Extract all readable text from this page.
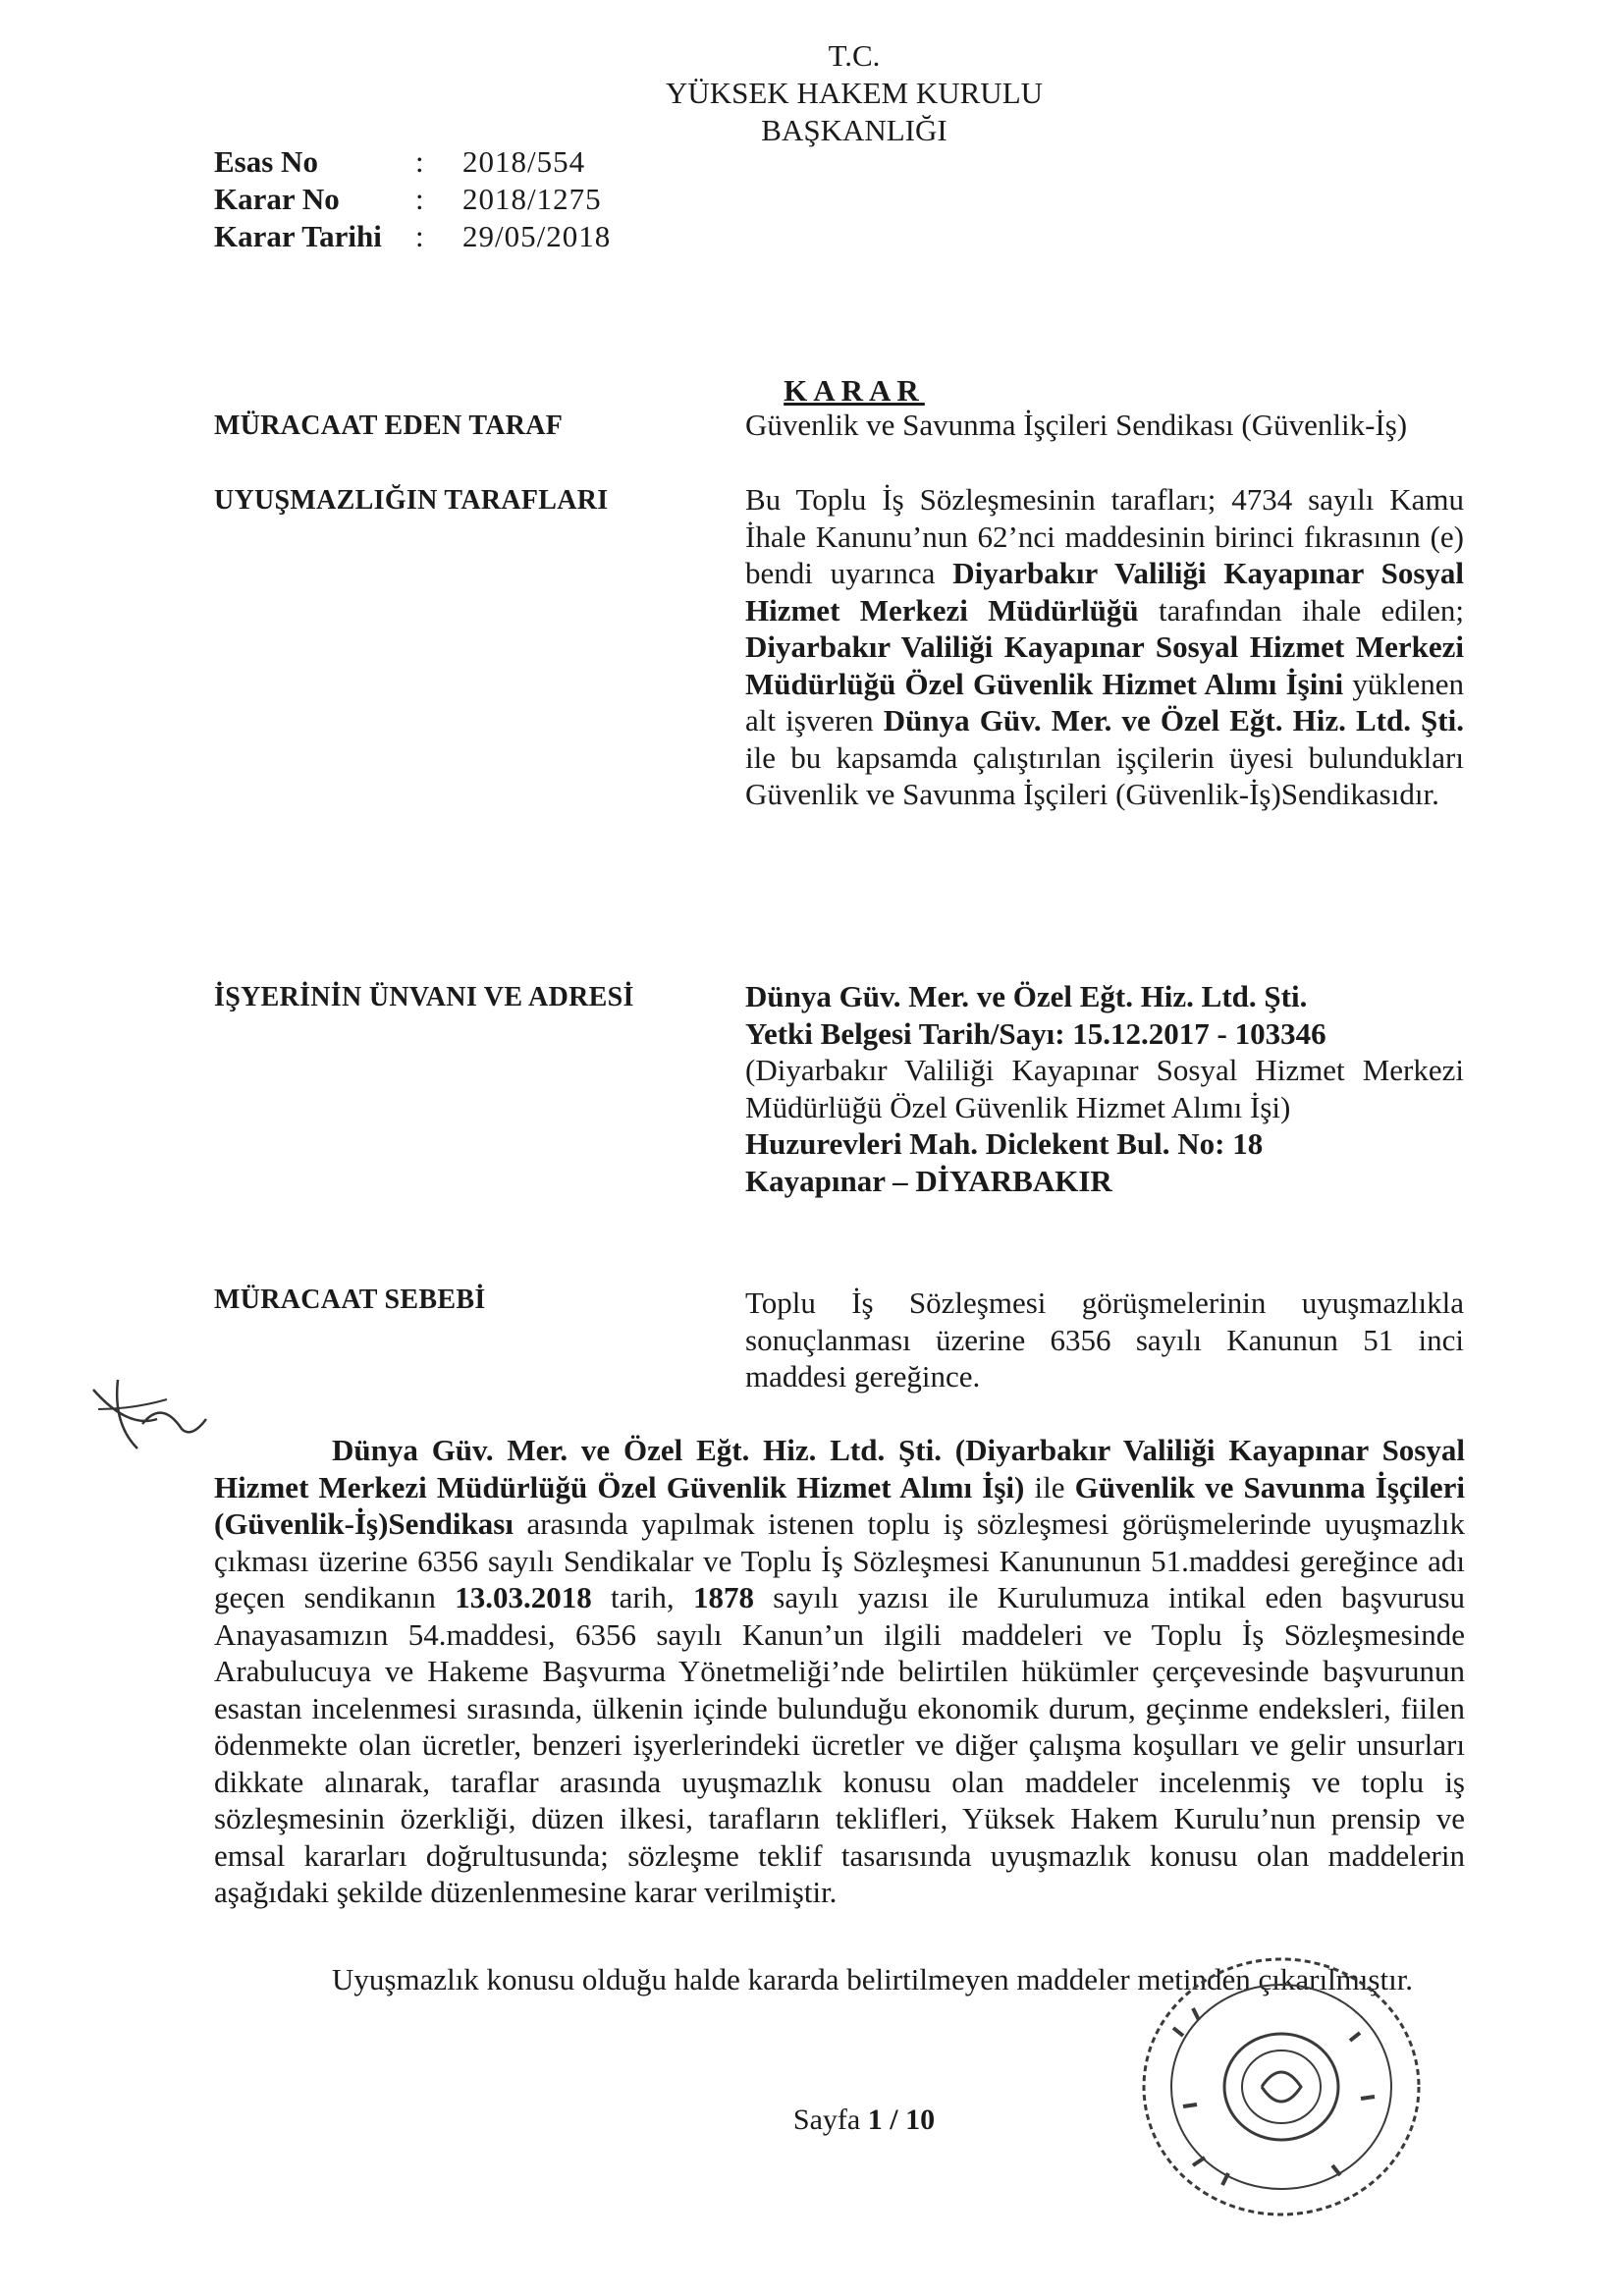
T.C.
YÜKSEK HAKEM KURULU
BAŞKANLIĞI
Esas No	:	2018/554
Karar No	:	2018/1275
Karar Tarihi	:	29/05/2018
KARAR
MÜRACAAT EDEN TARAF	Güvenlik ve Savunma İşçileri Sendikası (Güvenlik-İş)
UYUŞMAZLIĞIN TARAFLARI	Bu Toplu İş Sözleşmesinin tarafları; 4734 sayılı Kamu İhale Kanunu’nun 62’nci maddesinin birinci fıkrasının (e) bendi uyarınca Diyarbakır Valiliği Kayapınar Sosyal Hizmet Merkezi Müdürlüğü tarafından ihale edilen; Diyarbakır Valiliği Kayapınar Sosyal Hizmet Merkezi Müdürlüğü Özel Güvenlik Hizmet Alımı İşini yüklenen alt işveren Dünya Güv. Mer. ve Özel Eğt. Hiz. Ltd. Şti. ile bu kapsamda çalıştırılan işçilerin üyesi bulundukları Güvenlik ve Savunma İşçileri (Güvenlik-İş)Sendikasıdır.
İŞYERİNİN ÜNVANI VE ADRESİ	Dünya Güv. Mer. ve Özel Eğt. Hiz. Ltd. Şti.
Yetki Belgesi Tarih/Sayı: 15.12.2017 - 103346
(Diyarbakır Valiliği Kayapınar Sosyal Hizmet Merkezi Müdürlüğü Özel Güvenlik Hizmet Alımı İşi)
Huzurevleri Mah. Diclekent Bul. No: 18
Kayapınar – DİYARBAKIR
MÜRACAAT SEBEBİ	Toplu İş Sözleşmesi görüşmelerinin uyuşmazlıkla sonuçlanması üzerine 6356 sayılı Kanunun 51 inci maddesi gereğince.
Dünya Güv. Mer. ve Özel Eğt. Hiz. Ltd. Şti. (Diyarbakır Valiliği Kayapınar Sosyal Hizmet Merkezi Müdürlüğü Özel Güvenlik Hizmet Alımı İşi) ile Güvenlik ve Savunma İşçileri (Güvenlik-İş)Sendikası arasında yapılmak istenen toplu iş sözleşmesi görüşmelerinde uyuşmazlık çıkması üzerine 6356 sayılı Sendikalar ve Toplu İş Sözleşmesi Kanununun 51.maddesi gereğince adı geçen sendikanın 13.03.2018 tarih, 1878 sayılı yazısı ile Kurulumuza intikal eden başvurusu Anayasamızın 54.maddesi, 6356 sayılı Kanun’un ilgili maddeleri ve Toplu İş Sözleşmesinde Arabulucuya ve Hakeme Başvurma Yönetmeliği’nde belirtilen hükümler çerçevesinde başvurunun esastan incelenmesi sırasında, ülkenin içinde bulunduğu ekonomik durum, geçinme endeksleri, fiilen ödenmekte olan ücretler, benzeri işyerlerindeki ücretler ve diğer çalışma koşulları ve gelir unsurları dikkate alınarak, taraflar arasında uyuşmazlık konusu olan maddeler incelenmiş ve toplu iş sözleşmesinin özerkliği, düzen ilkesi, tarafların teklifleri, Yüksek Hakem Kurulu’nun prensip ve emsal kararları doğrultusunda; sözleşme teklif tasarısında uyuşmazlık konusu olan maddelerin aşağıdaki şekilde düzenlenmesine karar verilmiştir.
Uyuşmazlık konusu olduğu halde kararda belirtilmeyen maddeler metinden çıkarılmıştır.
Sayfa 1 / 10
